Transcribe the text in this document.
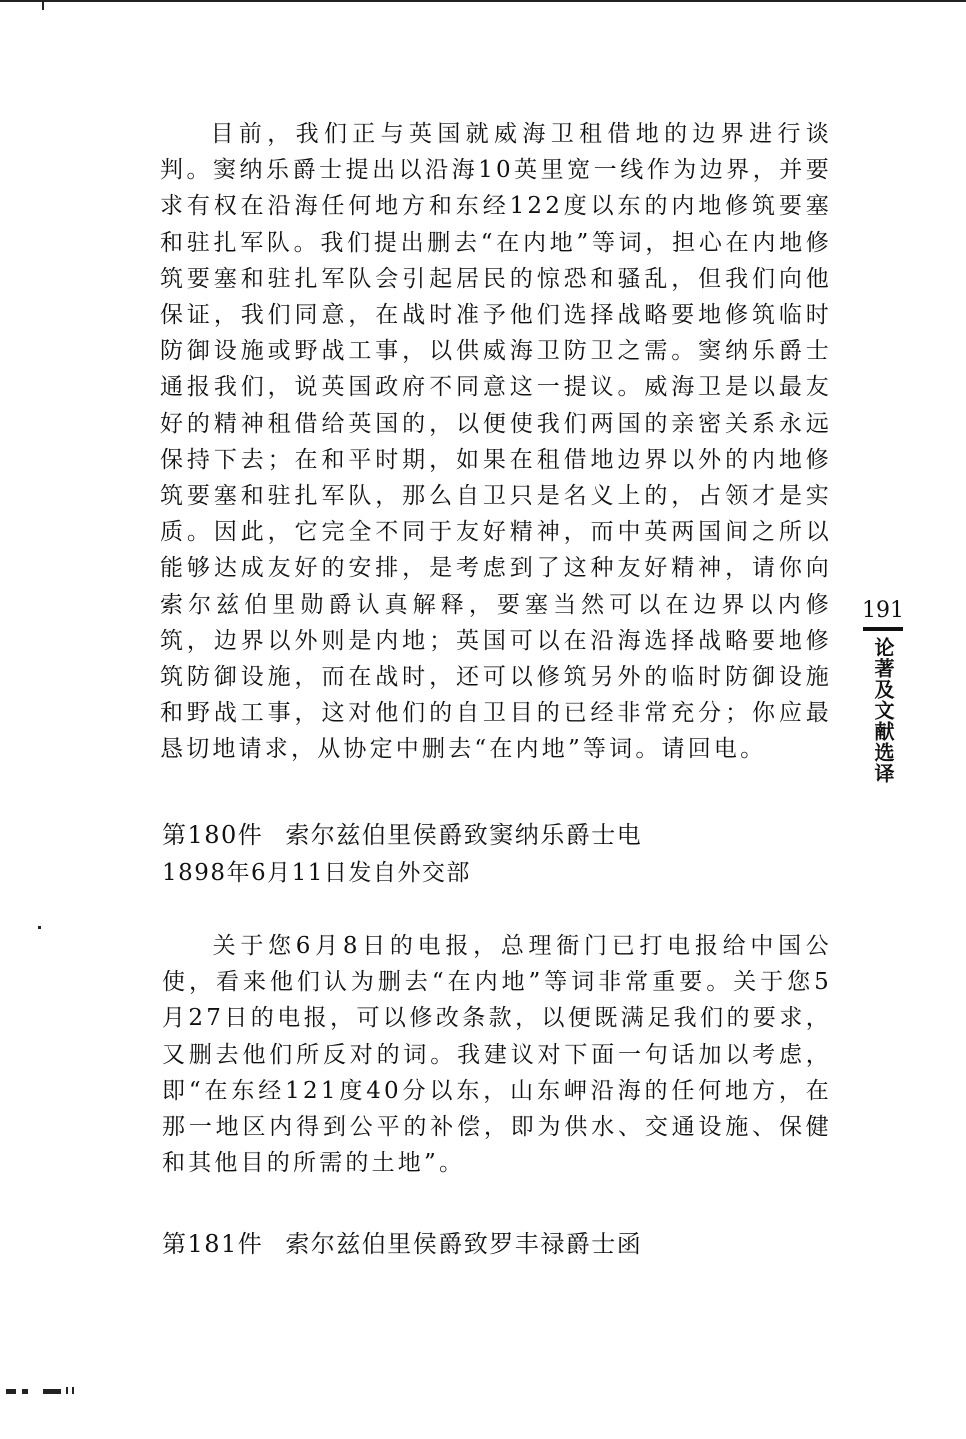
目前，我们正与英国就威海卫租借地的边界进行谈判。窦纳乐爵士提出以沿海10英里宽一线作为边界，并要求有权在沿海任何地方和东经122度以东的内地修筑要塞和驻扎军队。我们提出删去“在内地”等词，担心在内地修筑要塞和驻扎军队会引起居民的惊恐和骚乱，但我们向他保证，我们同意，在战时准予他们选择战略要地修筑临时防御设施或野战工事，以供威海卫防卫之需。窦纳乐爵士通报我们，说英国政府不同意这一提议。威海卫是以最友好的精神租借给英国的，以便使我们两国的亲密关系永远保持下去；在和平时期，如果在租借地边界以外的内地修筑要塞和驻扎军队，那么自卫只是名义上的，占领才是实质。因此，它完全不同于友好精神，而中英两国间之所以能够达成友好的安排，是考虑到了这种友好精神，请你向索尔兹伯里勋爵认真解释，要塞当然可以在边界以内修筑，边界以外则是内地；英国可以在沿海选择战略要地修筑防御设施，而在战时，还可以修筑另外的临时防御设施和野战工事，这对他们的自卫目的已经非常充分；你应最恳切地请求，从协定中删去“在内地”等词。请回电。

第180件 索尔兹伯里侯爵致窦纳乐爵士电
1898年6月11日发自外交部

关于您6月8日的电报，总理衙门已打电报给中国公使，看来他们认为删去“在内地”等词非常重要。关于您5月27日的电报，可以修改条款，以便既满足我们的要求，又删去他们所反对的词。我建议对下面一句话加以考虑，即“在东经121度40分以东，山东岬沿海的任何地方，在那一地区内得到公平的补偿，即为供水、交通设施、保健和其他目的所需的土地”。

第181件 索尔兹伯里侯爵致罗丰禄爵士函
191
论著及文献选译
